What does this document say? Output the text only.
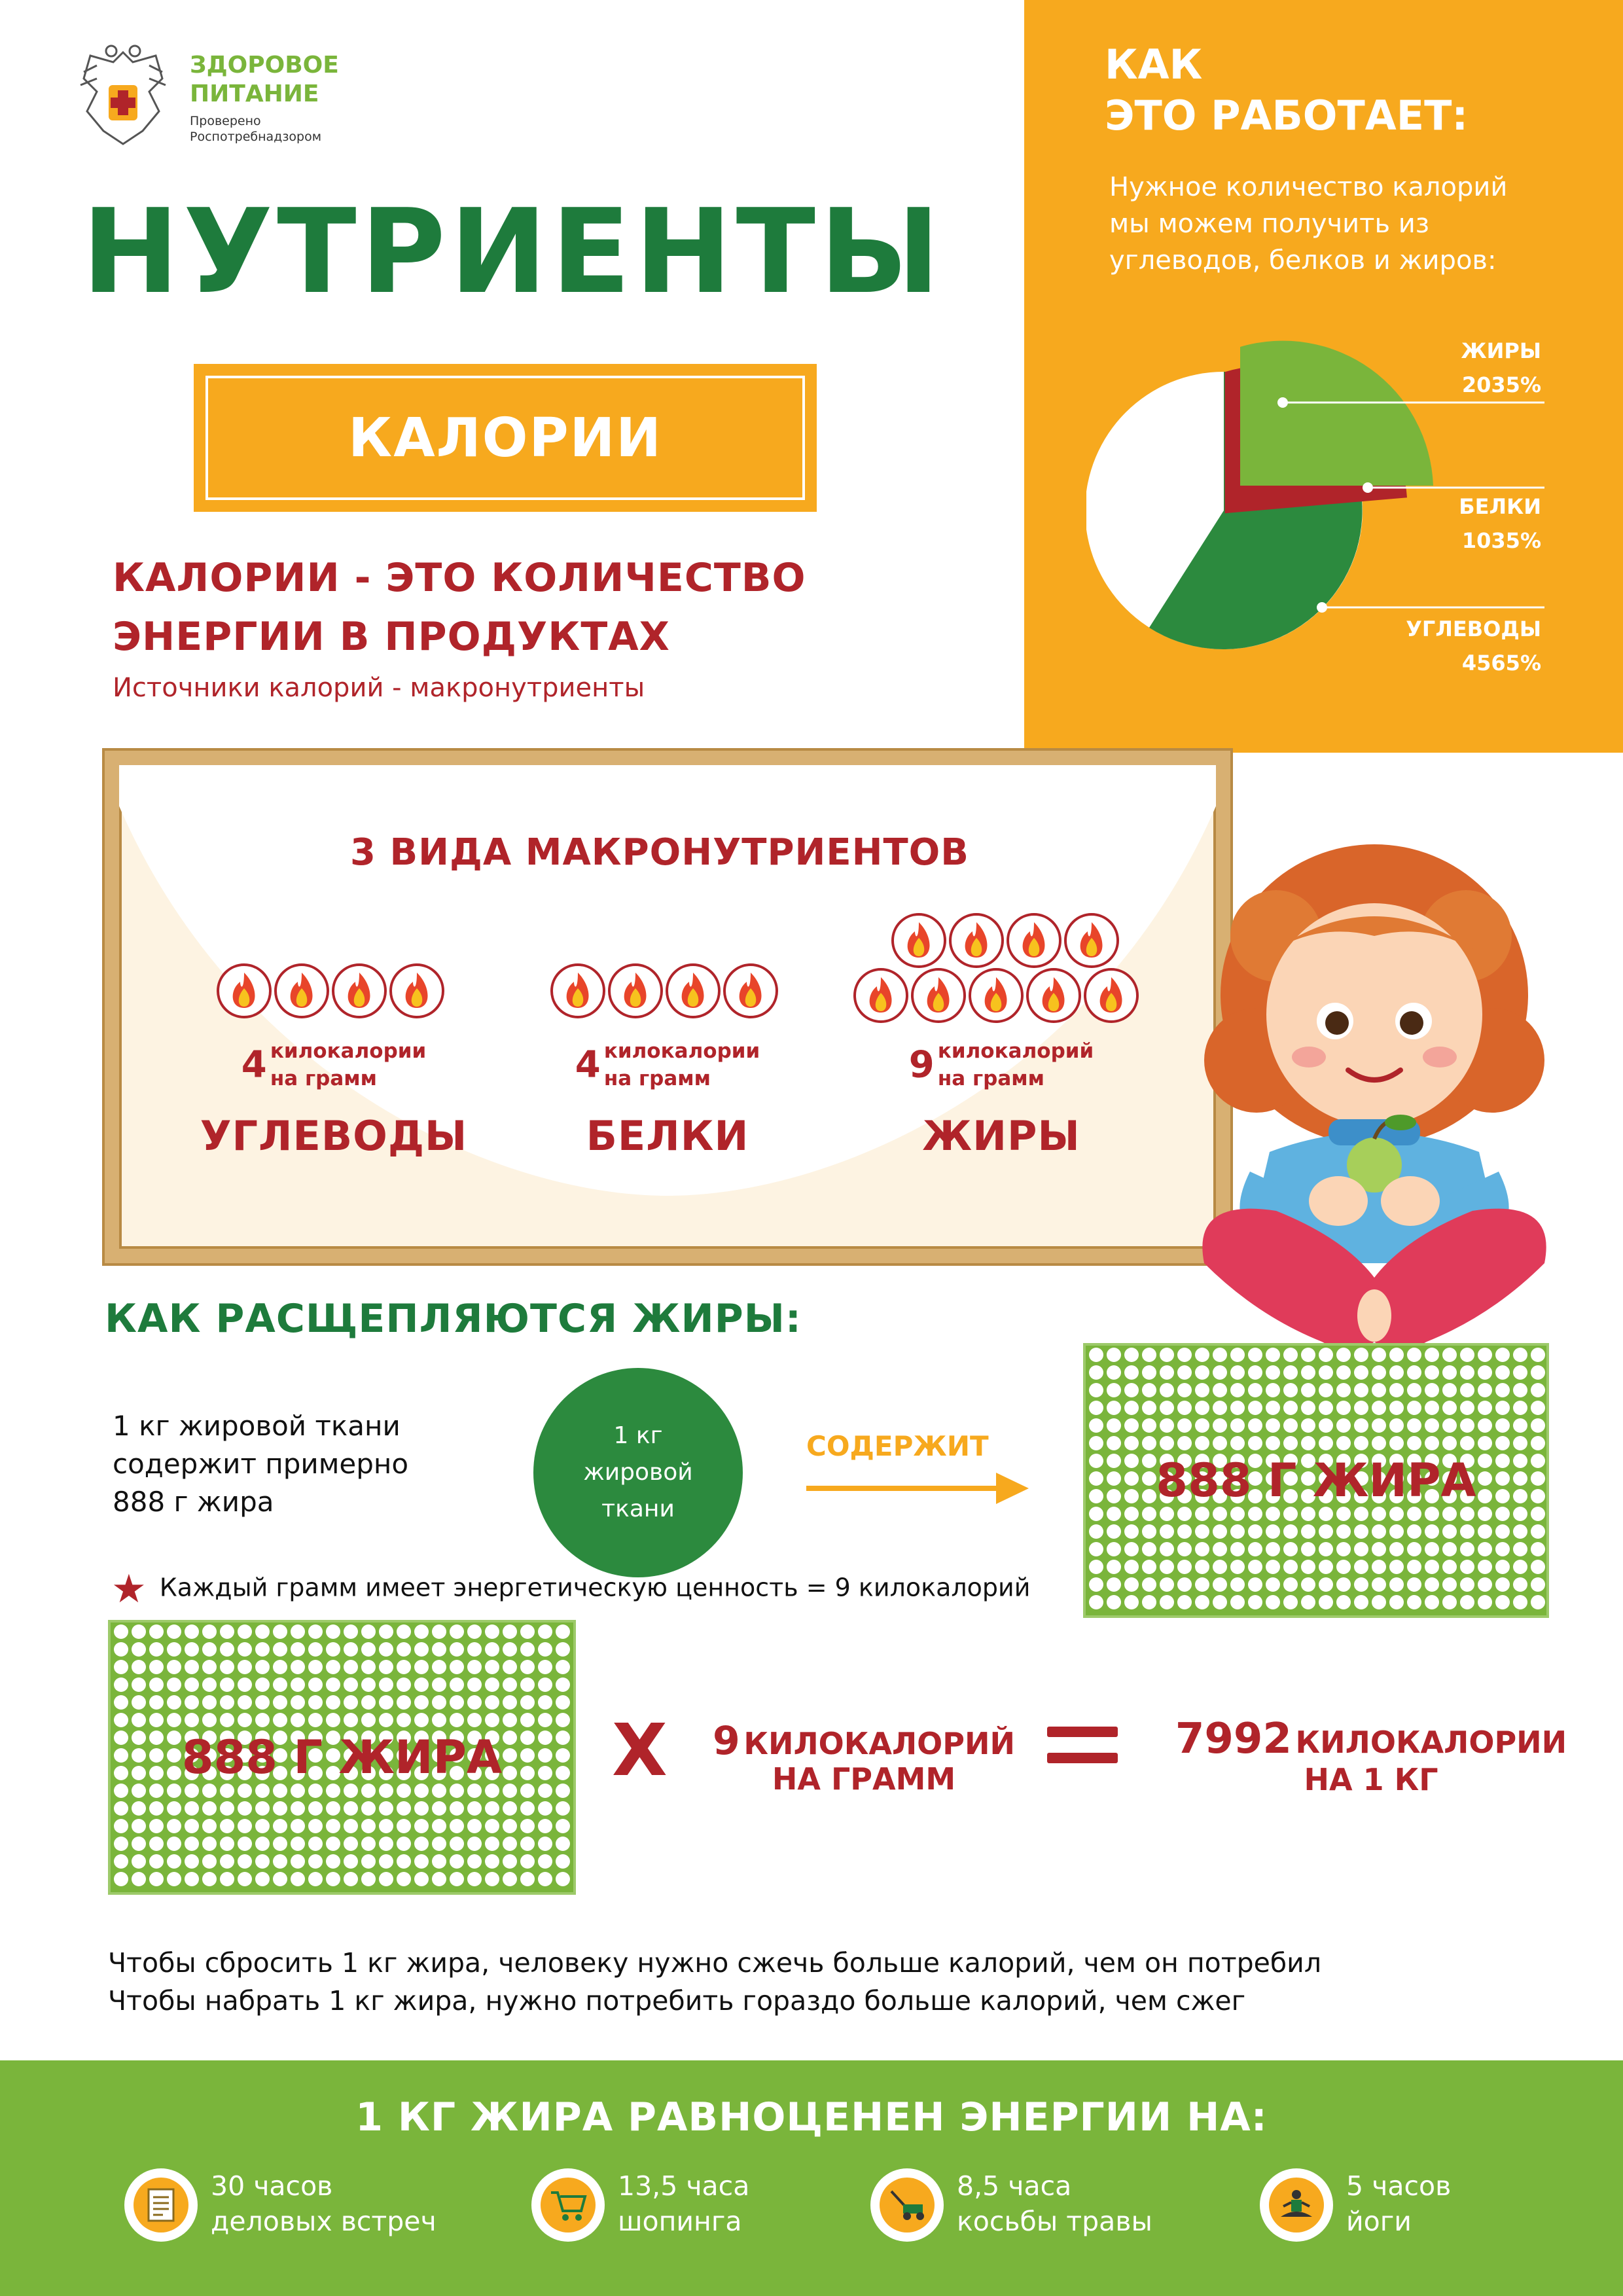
ЗДОРОВОЕ
ПИТАНИЕ
Проверено
Роспотребнадзором
НУТРИЕНТЫ
КАЛОРИИ
КАЛОРИИ - ЭТО КОЛИЧЕСТВО
ЭНЕРГИИ В ПРОДУКТАХ
Источники калорий - макронутриенты
КАК
ЭТО РАБОТАЕТ:
Нужное количество калорий
мы можем получить из
углеводов, белков и жиров:
ЖИРЫ
2035%
БЕЛКИ
1035%
УГЛЕВОДЫ
4565%
3 ВИДА МАКРОНУТРИЕНТОВ
4 килокалории
на грамм
УГЛЕВОДЫ
4 килокалории
на грамм
БЕЛКИ
9 килокалорий
на грамм
ЖИРЫ
КАК РАСЩЕПЛЯЮТСЯ ЖИРЫ:
1 кг жировой ткани
содержит примерно
888 г жира
1 кг
жировой
ткани
СОДЕРЖИТ
888 Г ЖИРА
★ Каждый грамм имеет энергетическую ценность = 9 килокалорий
888 Г ЖИРА	Х	9 КИЛОКАЛОРИЙ
НА ГРАММ
7992 КИЛОКАЛОРИИ
НА 1 КГ
Чтобы сбросить 1 кг жира, человеку нужно сжечь больше калорий, чем он потребил
Чтобы набрать 1 кг жира, нужно потребить гораздо больше калорий, чем сжег
1 КГ ЖИРА РАВНОЦЕНЕН ЭНЕРГИИ НА:
30 часов
деловых встреч
13,5 часа
шопинга
8,5 часа
косьбы травы
5 часов
йоги
